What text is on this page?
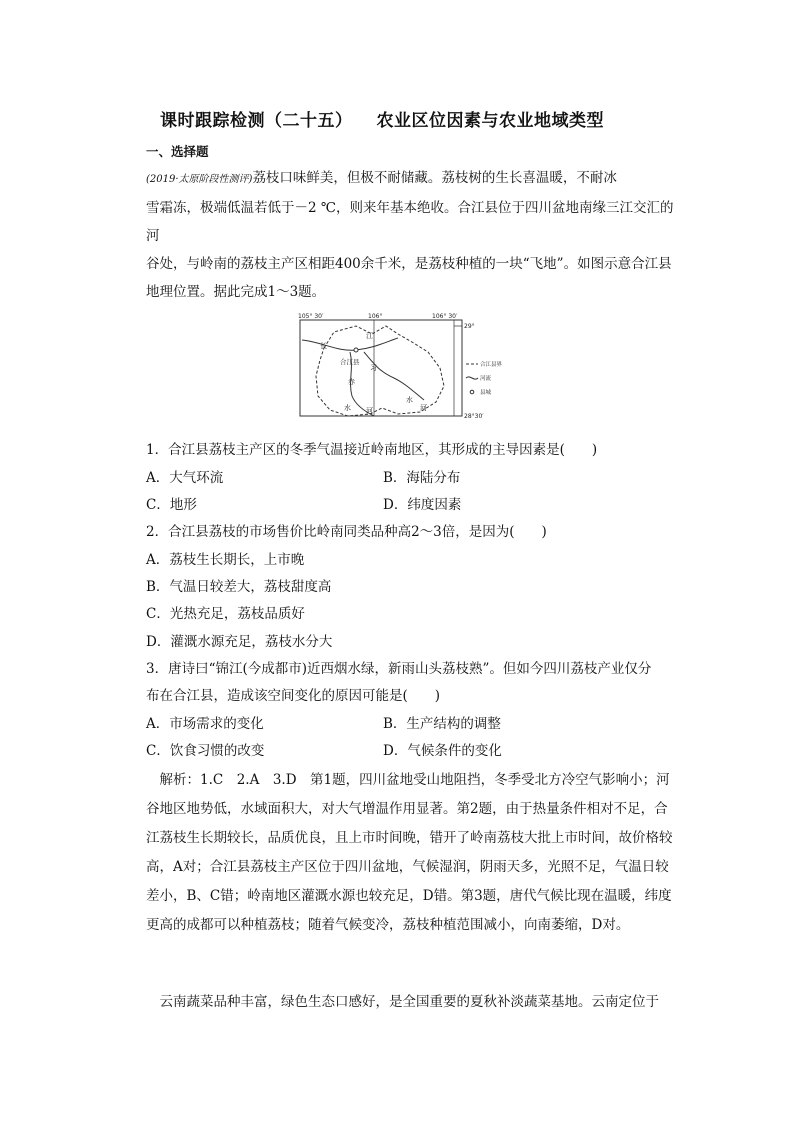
课时跟踪检测（二十五） 农业区位因素与农业地域类型
一、选择题
(2019·太原阶段性测评)荔枝口味鲜美，但极不耐储藏。荔枝树的生长喜温暖，不耐冰
雪霜冻，极端低温若低于－2 ℃，则来年基本绝收。合江县位于四川盆地南缘三江交汇的河
谷处，与岭南的荔枝主产区相距400余千米，是荔枝种植的一块“飞地”。如图示意合江县
地理位置。据此完成1～3题。
105° 30′	106°	106° 30′
29°
28°30′
长
江
合江县
习
赤
水 河
水
河
合江县界
河流
县城
1．合江县荔枝主产区的冬季气温接近岭南地区，其形成的主导因素是(　　)
A．大气环流	B．海陆分布
C．地形	D．纬度因素
2．合江县荔枝的市场售价比岭南同类品种高2～3倍，是因为(　　)
A．荔枝生长期长，上市晚
B．气温日较差大，荔枝甜度高
C．光热充足，荔枝品质好
D．灌溉水源充足，荔枝水分大
3．唐诗曰“锦江(今成都市)近西烟水绿，新雨山头荔枝熟”。但如今四川荔枝产业仅分
布在合江县，造成该空间变化的原因可能是(　　)
A．市场需求的变化	B．生产结构的调整
C．饮食习惯的改变	D．气候条件的变化
解析：1.C　2.A　3.D　第1题，四川盆地受山地阻挡，冬季受北方冷空气影响小；河
谷地区地势低，水域面积大，对大气增温作用显著。第2题，由于热量条件相对不足，合
江荔枝生长期较长，品质优良，且上市时间晚，错开了岭南荔枝大批上市时间，故价格较
高，A对；合江县荔枝主产区位于四川盆地，气候湿润，阴雨天多，光照不足，气温日较
差小，B、C错；岭南地区灌溉水源也较充足，D错。第3题，唐代气候比现在温暖，纬度
更高的成都可以种植荔枝；随着气候变冷，荔枝种植范围减小，向南萎缩，D对。
云南蔬菜品种丰富，绿色生态口感好，是全国重要的夏秋补淡蔬菜基地。云南定位于
